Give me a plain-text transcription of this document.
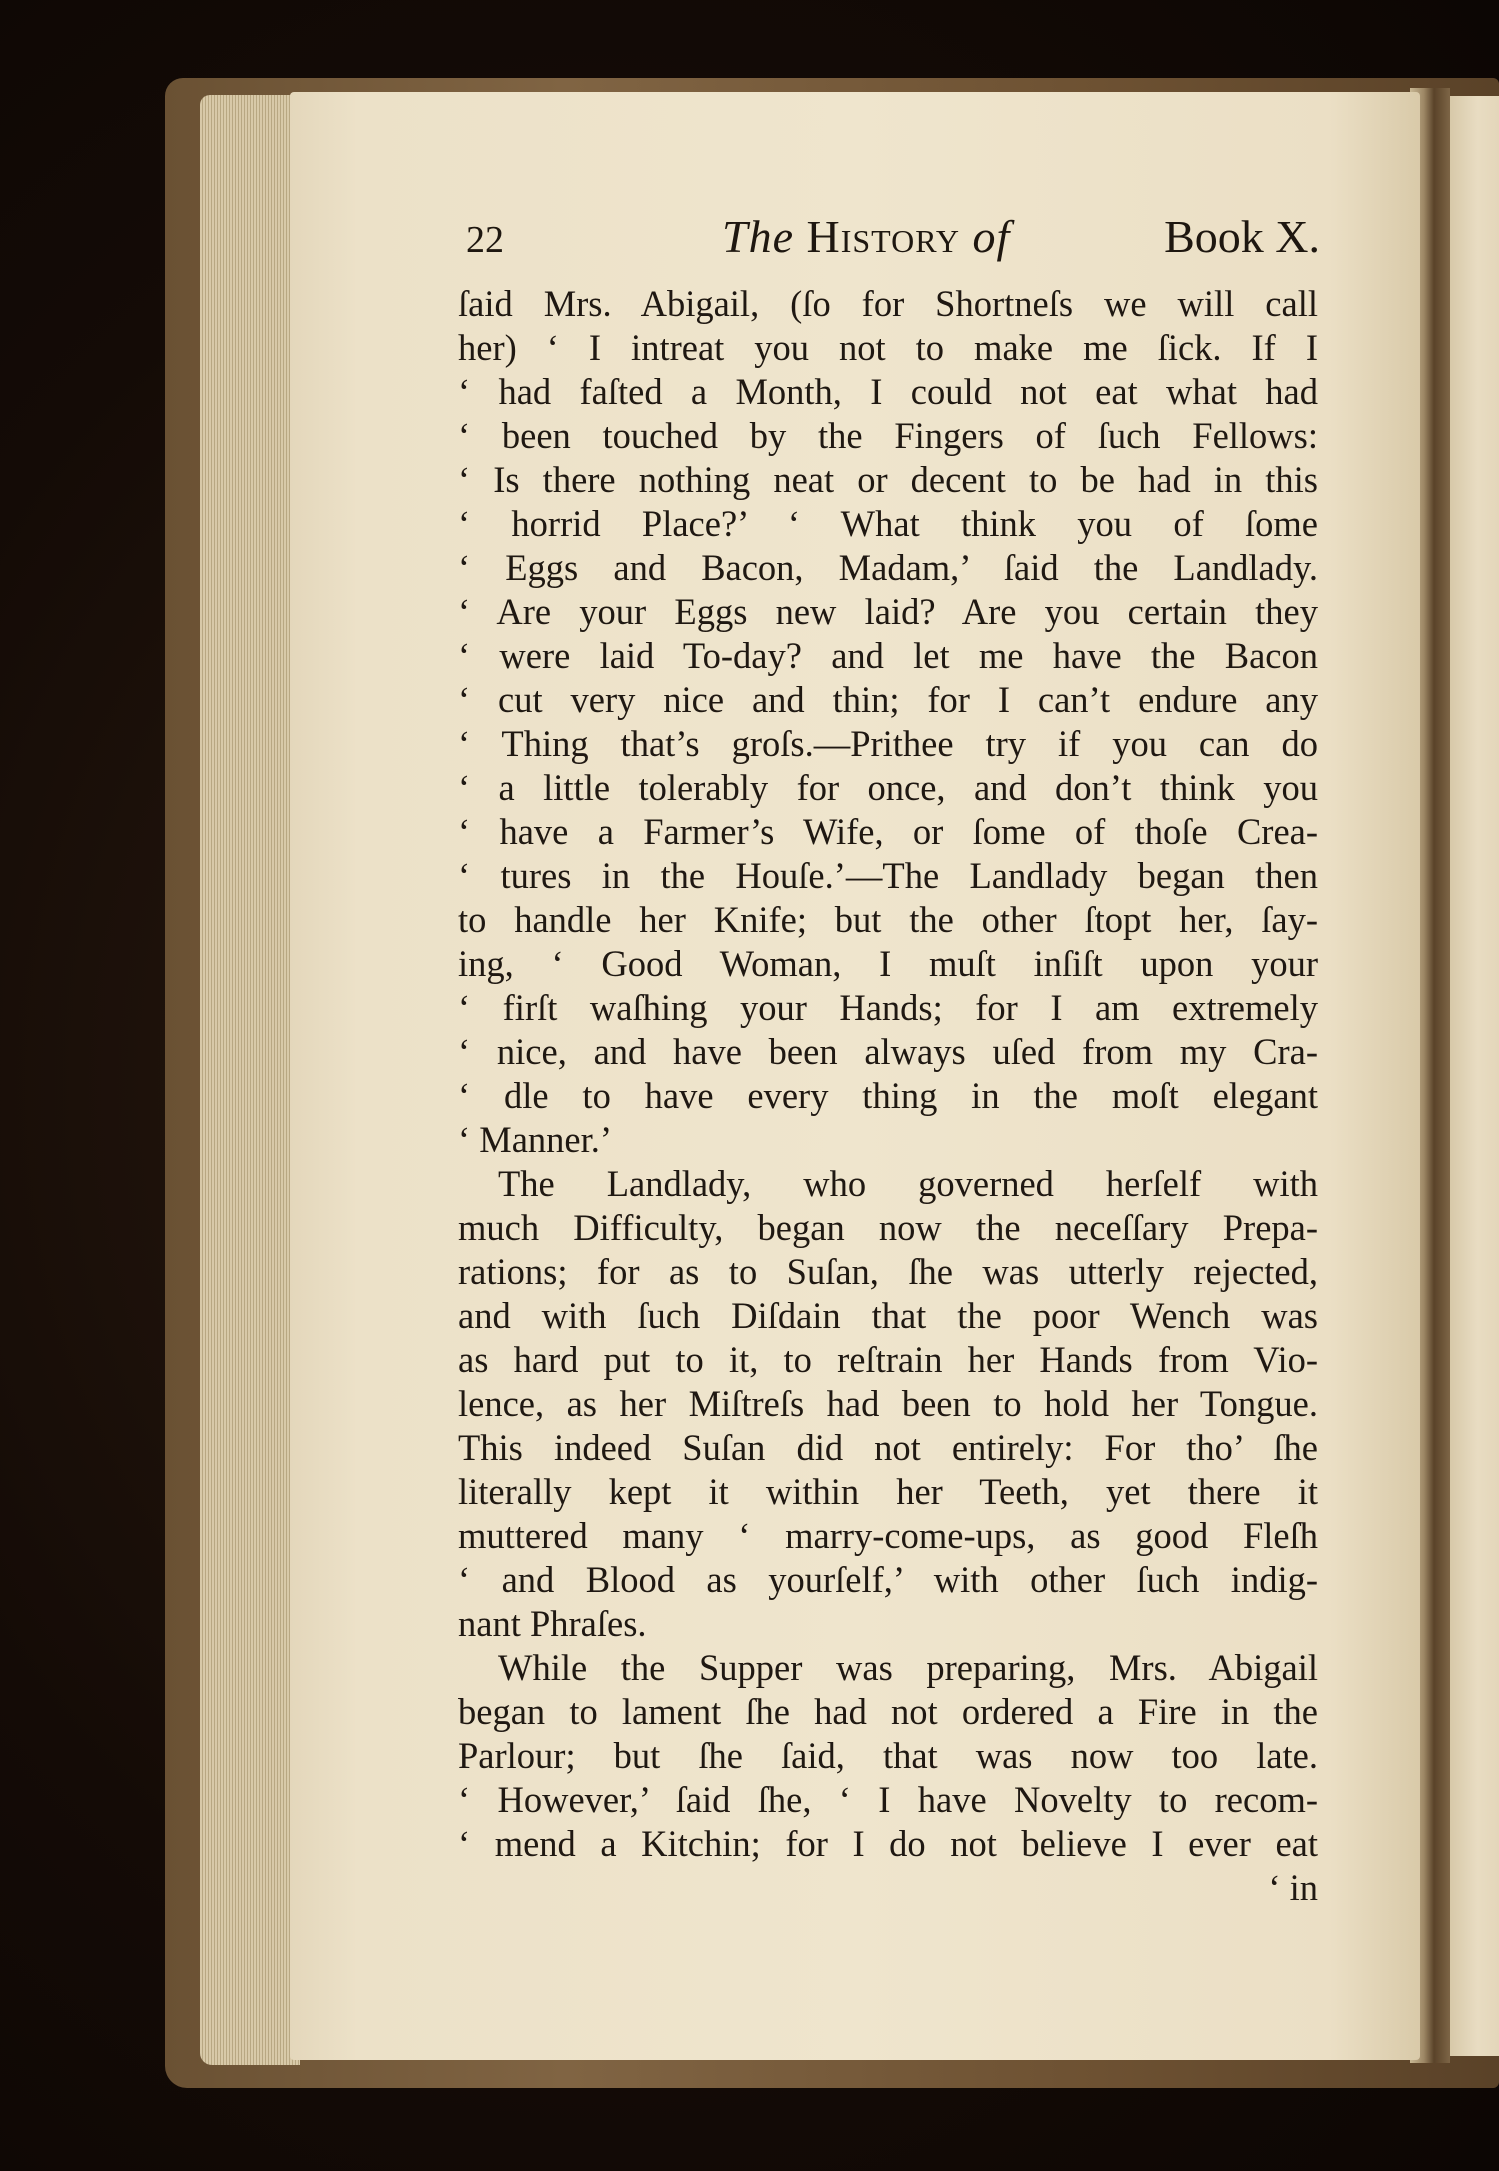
22	The History of	Book X.
ſaid Mrs. Abigail, (ſo for Shortneſs we will call
her) ‘ I intreat you not to make me ſick. If I
‘ had faſted a Month, I could not eat what had
‘ been touched by the Fingers of ſuch Fellows:
‘ Is there nothing neat or decent to be had in this
‘ horrid Place?’ ‘ What think you of ſome
‘ Eggs and Bacon, Madam,’ ſaid the Landlady.
‘ Are your Eggs new laid? Are you certain they
‘ were laid To-day? and let me have the Bacon
‘ cut very nice and thin; for I can’t endure any
‘ Thing that’s groſs.—Prithee try if you can do
‘ a little tolerably for once, and don’t think you
‘ have a Farmer’s Wife, or ſome of thoſe Crea-
‘ tures in the Houſe.’—The Landlady began then
to handle her Knife; but the other ſtopt her, ſay-
ing, ‘ Good Woman, I muſt inſiſt upon your
‘ firſt waſhing your Hands; for I am extremely
‘ nice, and have been always uſed from my Cra-
‘ dle to have every thing in the moſt elegant
‘ Manner.’
The Landlady, who governed herſelf with
much Difficulty, began now the neceſſary Prepa-
rations; for as to Suſan, ſhe was utterly rejected,
and with ſuch Diſdain that the poor Wench was
as hard put to it, to reſtrain her Hands from Vio-
lence, as her Miſtreſs had been to hold her Tongue.
This indeed Suſan did not entirely: For tho’ ſhe
literally kept it within her Teeth, yet there it
muttered many ‘ marry-come-ups, as good Fleſh
‘ and Blood as yourſelf,’ with other ſuch indig-
nant Phraſes.
While the Supper was preparing, Mrs. Abigail
began to lament ſhe had not ordered a Fire in the
Parlour; but ſhe ſaid, that was now too late.
‘ However,’ ſaid ſhe, ‘ I have Novelty to recom-
‘ mend a Kitchin; for I do not believe I ever eat
‘ in
